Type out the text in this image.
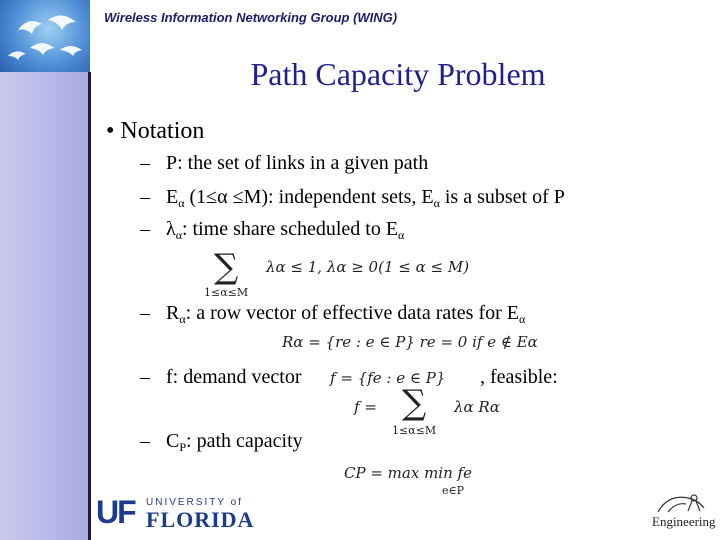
Wireless Information Networking Group (WING)
Path Capacity Problem
• Notation
– P: the set of links in a given path
– $E_\alpha$ (1≤α ≤M): independent sets, $E_\alpha$ is a subset of P
– $\lambda_\alpha$: time share scheduled to $E_\alpha$
∑
1≤α≤M
λα ≤ 1, λα ≥ 0(1 ≤ α ≤ M)
– $R_\alpha$: a row vector of effective data rates for $E_\alpha$
Rα = {re : e ∈ P} re = 0 if e ∉ Eα
– f: demand vector f = {fe : e ∈ P} , feasible:
f = ∑
1≤α≤M
λα Rα
– $C_P$: path capacity
CP = max min fe
e∈P
UF UNIVERSITY of
FLORIDA	Engineering
